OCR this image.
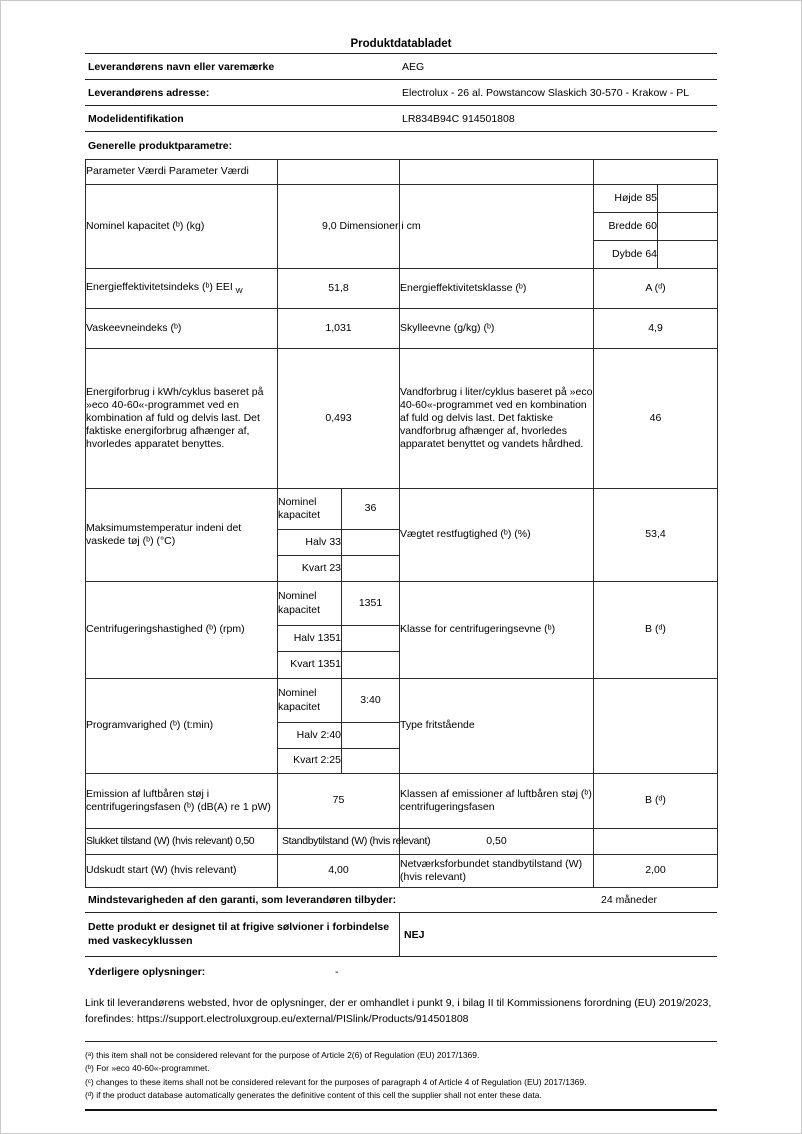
Produktdatabladet
Leverandørens navn eller varemærke	AEG
Leverandørens adresse:	Electrolux - 26 al. Powstancow Slaskich 30-570 - Krakow - PL
Modelidentifikation	LR834B94C 914501808
Generelle produktparametre:
Parameter Værdi Parameter Værdi					
Nominel kapacitet (ᵇ) (kg)	9,0 Dimensioner i cm			Højde 85	
				Bredde 60	
				Dybde 64	
Energieffektivitetsindeks (ᵇ) EEI $_W$	51,8		Energieffektivitetsklasse (ᵇ)	A (ᵈ)	
Vaskeevneindeks (ᵇ)	1,031		Skylleevne (g/kg) (ᵇ)	4,9	
Energiforbrug i kWh/cyklus baseret på »eco 40-60«-programmet ved en kombination af fuld og delvis last. Det faktiske energiforbrug afhænger af, hvorledes apparatet benyttes.	0,493		Vandforbrug i liter/cyklus baseret på »eco 40-60«-programmet ved en kombination af fuld og delvis last. Det faktiske vandforbrug afhænger af, hvorledes apparatet benyttet og vandets hårdhed.	46	
Maksimumstemperatur indeni det vaskede tøj (ᵇ) (°C)	Nominel kapacitet	36	Vægtet restfugtighed (ᵇ) (%)	53,4	
	Halv 33				
	Kvart 23				
Centrifugeringshastighed (ᵇ) (rpm)	Nominel kapacitet	1351	Klasse for centrifugeringsevne (ᵇ)	B (ᵈ)	
	Halv 1351				
	Kvart 1351				
Programvarighed (ᵇ) (t:min)	Nominel kapacitet	3:40	Type fritstående		
	Halv 2:40				
	Kvart 2:25				
Emission af luftbåren støj i centrifugeringsfasen (ᵇ) (dB(A) re 1 pW)	75		Klassen af emissioner af luftbåren støj (ᵇ) centrifugeringsfasen	B (ᵈ)	
Slukket tilstand (W) (hvis relevant) 0,50	Standbytilstand (W) (hvis relevant)		0,50		
Udskudt start (W) (hvis relevant)	4,00		Netværksforbundet standbytilstand (W) (hvis relevant)	2,00	
Mindstevarigheden af den garanti, som leverandøren tilbyder:	24 måneder
Dette produkt er designet til at frigive sølvioner i forbindelse med vaskecyklussen	NEJ
Yderligere oplysninger:	-
Link til leverandørens websted, hvor de oplysninger, der er omhandlet i punkt 9, i bilag II til Kommissionens forordning (EU) 2019/2023, forefindes: https://support.electroluxgroup.eu/external/PISlink/Products/914501808
(ᵃ) this item shall not be considered relevant for the purpose of Article 2(6) of Regulation (EU) 2017/1369.
(ᵇ) For »eco 40-60«-programmet.
(ᶜ) changes to these items shall not be considered relevant for the purposes of paragraph 4 of Article 4 of Regulation (EU) 2017/1369.
(ᵈ) if the product database automatically generates the definitive content of this cell the supplier shall not enter these data.
